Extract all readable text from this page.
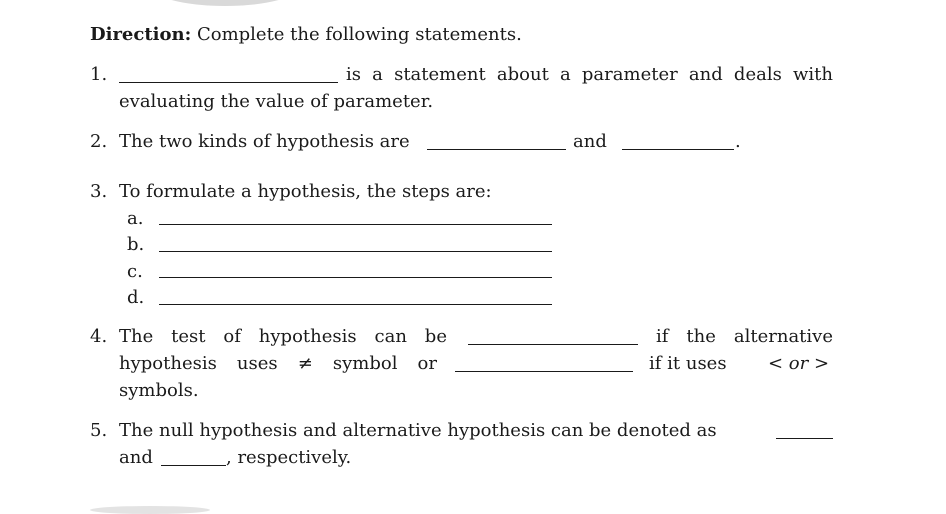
Direction: Complete the following statements.
1.	is a statement about a parameter and deals with
evaluating the value of parameter.
2. The two kinds of hypothesis are	and	.
3. To formulate a hypothesis, the steps are:
a.
b.
c.
d.
4. The test of hypothesis can be	if the alternative
hypothesis uses ≠ symbol or	if it uses < or >
symbols.
5. The null hypothesis and alternative hypothesis can be denoted as
and	, respectively.
